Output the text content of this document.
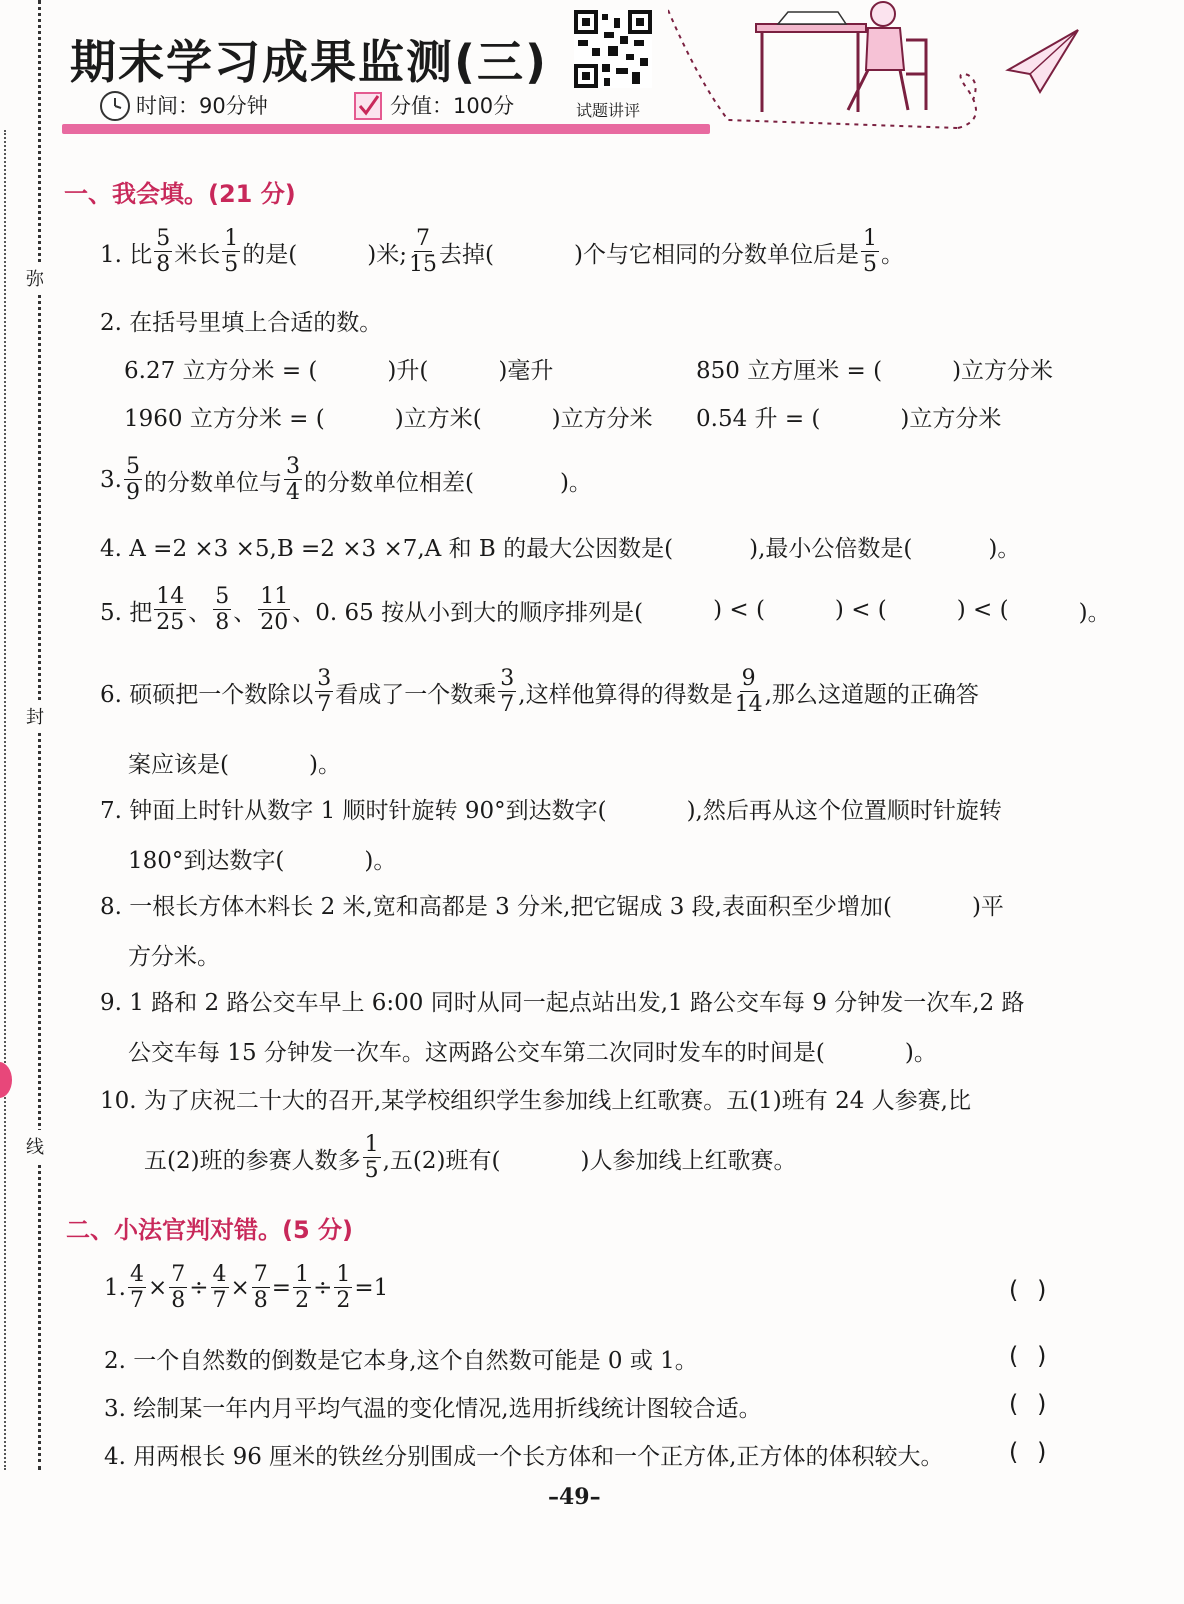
弥
封
线
期末学习成果监测(三)
时间：90分钟	分值：100分	试题讲评
一、我会填。(21 分)
1. 比 $\frac{5}{8}$ 米长 $\frac{1}{5}$ 的是(	)米; $\frac{7}{15}$ 去掉(	)个与它相同的分数单位后是 $\frac{1}{5}$ 。
2. 在括号里填上合适的数。
6.27 立方分米 = (	)升(	)毫升	850 立方厘米 = (	)立方分米
1960 立方分米 = (	)立方米(	)立方分米 0.54 升 = (	)立方分米
3. $\frac{5}{9}$ 的分数单位与 $\frac{3}{4}$ 的分数单位相差(	)。
4. A =2 ×3 ×5,B =2 ×3 ×7,A 和 B 的最大公因数是(	),最小公倍数是(	)。
5. 把 $\frac{14}{25}$ 、 $\frac{5}{8}$ 、 $\frac{11}{20}$ 、0. 65 按从小到大的顺序排列是(	) < (	) < (	) < (	)。
6. 硕硕把一个数除以 $\frac{3}{7}$ 看成了一个数乘 $\frac{3}{7}$ ,这样他算得的得数是 $\frac{9}{14}$ ,那么这道题的正确答
案应该是(	)。
7. 钟面上时针从数字 1 顺时针旋转 90°到达数字(	),然后再从这个位置顺时针旋转
180°到达数字(	)。
8. 一根长方体木料长 2 米,宽和高都是 3 分米,把它锯成 3 段,表面积至少增加(	)平
方分米。
9. 1 路和 2 路公交车早上 6:00 同时从同一起点站出发,1 路公交车每 9 分钟发一次车,2 路
公交车每 15 分钟发一次车。这两路公交车第二次同时发车的时间是(	)。
10. 为了庆祝二十大的召开,某学校组织学生参加线上红歌赛。五(1)班有 24 人参赛,比
五(2)班的参赛人数多 $\frac{1}{5}$ ,五(2)班有(	)人参加线上红歌赛。
二、小法官判对错。(5 分)
1. $\frac{4}{7} \times \frac{7}{8} \div \frac{4}{7} \times \frac{7}{8} = \frac{1}{2} \div \frac{1}{2} =1$	( )
2. 一个自然数的倒数是它本身,这个自然数可能是 0 或 1。	( )
3. 绘制某一年内月平均气温的变化情况,选用折线统计图较合适。	( )
4. 用两根长 96 厘米的铁丝分别围成一个长方体和一个正方体,正方体的体积较大。	( )
–49–
